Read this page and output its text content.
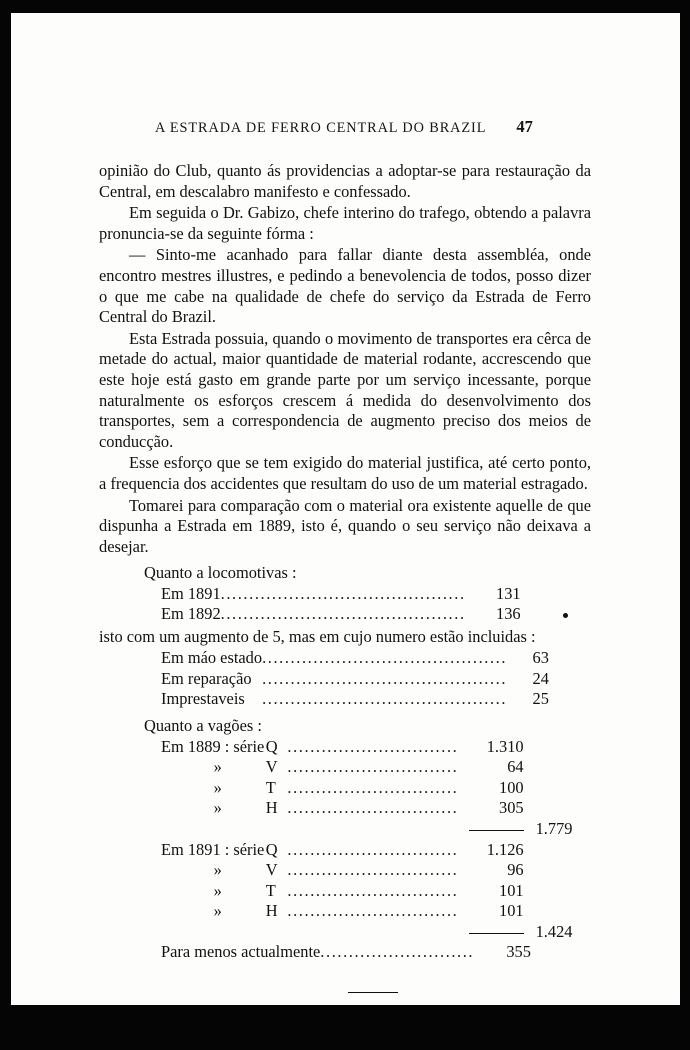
A ESTRADA DE FERRO CENTRAL DO BRAZIL 47

opinião do Club, quanto ás providencias a adoptar-se para restauração da Central, em descalabro manifesto e confessado.

Em seguida o Dr. Gabizo, chefe interino do trafego, obtendo a palavra pronuncia-se da seguinte fórma :

— Sinto-me acanhado para fallar diante desta assembléa, onde encontro mestres illustres, e pedindo a benevolencia de todos, posso dizer o que me cabe na qualidade de chefe do serviço da Estrada de Ferro Central do Brazil.

Esta Estrada possuia, quando o movimento de transportes era cêrca de metade do actual, maior quantidade de material rodante, accrescendo que este hoje está gasto em grande parte por um serviço incessante, porque naturalmente os esforços crescem á medida do desenvolvimento dos transportes, sem a correspondencia de augmento preciso dos meios de conducção.

Esse esforço que se tem exigido do material justifica, até certo ponto, a frequencia dos accidentes que resultam do uso de um material estragado.

Tomarei para comparação com o material ora existente aquelle de que dispunha a Estrada em 1889, isto é, quando o seu serviço não deixava a desejar.

Quanto a locomotivas :
Em 1891	...........................................	131	
Em 1892	...........................................	136	

isto com um augmento de 5, mas em cujo numero estão incluidas :

Em máo estado	...........................................	63	
Em reparação	...........................................	24	
Imprestaveis	...........................................	25	
Quanto a vagões :
Em 1889 : série	Q	..............................	1.310	
»	V	..............................	64	
»	T	..............................	100	
»	H	..............................	305	
				1.779
Em 1891 : série	Q	..............................	1.126	
»	V	..............................	96	
»	T	..............................	101	
»	H	..............................	101	
				1.424
Para menos actualmente	...........................	355	
